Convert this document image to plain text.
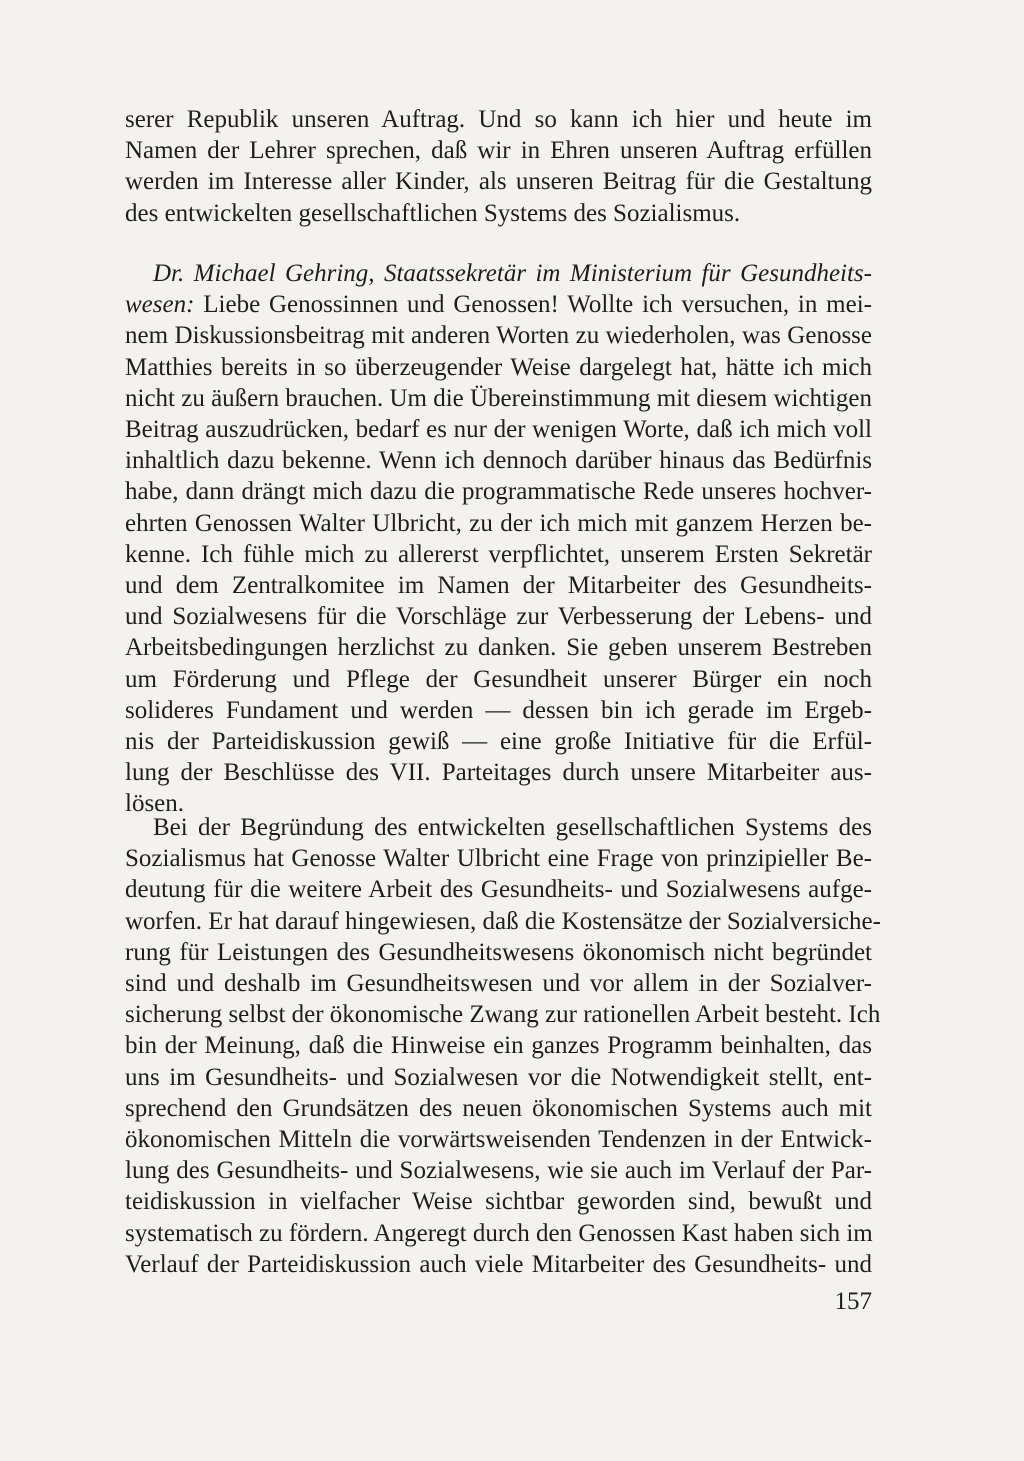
serer Republik unseren Auftrag. Und so kann ich hier und heute im
Namen der Lehrer sprechen, daß wir in Ehren unseren Auftrag erfüllen
werden im Interesse aller Kinder, als unseren Beitrag für die Gestaltung
des entwickelten gesellschaftlichen Systems des Sozialismus.
Dr. Michael Gehring, Staatssekretär im Ministerium für Gesundheits-
wesen: Liebe Genossinnen und Genossen! Wollte ich versuchen, in mei-
nem Diskussionsbeitrag mit anderen Worten zu wiederholen, was Genosse
Matthies bereits in so überzeugender Weise dargelegt hat, hätte ich mich
nicht zu äußern brauchen. Um die Übereinstimmung mit diesem wichtigen
Beitrag auszudrücken, bedarf es nur der wenigen Worte, daß ich mich voll
inhaltlich dazu bekenne. Wenn ich dennoch darüber hinaus das Bedürfnis
habe, dann drängt mich dazu die programmatische Rede unseres hochver-
ehrten Genossen Walter Ulbricht, zu der ich mich mit ganzem Herzen be-
kenne. Ich fühle mich zu allererst verpflichtet, unserem Ersten Sekretär
und dem Zentralkomitee im Namen der Mitarbeiter des Gesundheits-
und Sozialwesens für die Vorschläge zur Verbesserung der Lebens- und
Arbeitsbedingungen herzlichst zu danken. Sie geben unserem Bestreben
um Förderung und Pflege der Gesundheit unserer Bürger ein noch
solideres Fundament und werden — dessen bin ich gerade im Ergeb-
nis der Parteidiskussion gewiß — eine große Initiative für die Erfül-
lung der Beschlüsse des VII. Parteitages durch unsere Mitarbeiter aus-
lösen.
Bei der Begründung des entwickelten gesellschaftlichen Systems des
Sozialismus hat Genosse Walter Ulbricht eine Frage von prinzipieller Be-
deutung für die weitere Arbeit des Gesundheits- und Sozialwesens aufge-
worfen. Er hat darauf hingewiesen, daß die Kostensätze der Sozialversiche-
rung für Leistungen des Gesundheitswesens ökonomisch nicht begründet
sind und deshalb im Gesundheitswesen und vor allem in der Sozialver-
sicherung selbst der ökonomische Zwang zur rationellen Arbeit besteht. Ich
bin der Meinung, daß die Hinweise ein ganzes Programm beinhalten, das
uns im Gesundheits- und Sozialwesen vor die Notwendigkeit stellt, ent-
sprechend den Grundsätzen des neuen ökonomischen Systems auch mit
ökonomischen Mitteln die vorwärtsweisenden Tendenzen in der Entwick-
lung des Gesundheits- und Sozialwesens, wie sie auch im Verlauf der Par-
teidiskussion in vielfacher Weise sichtbar geworden sind, bewußt und
systematisch zu fördern. Angeregt durch den Genossen Kast haben sich im
Verlauf der Parteidiskussion auch viele Mitarbeiter des Gesundheits- und
157
